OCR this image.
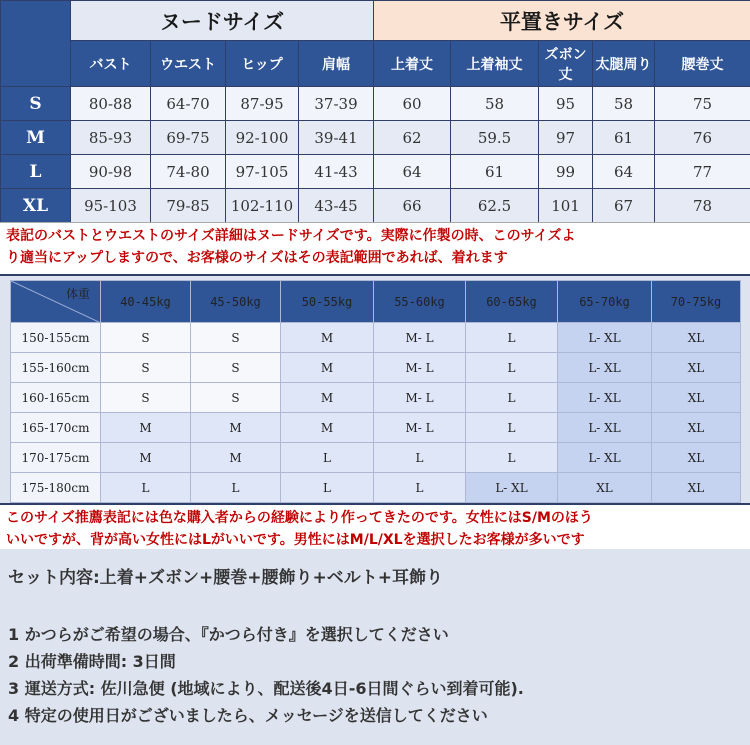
	ヌードサイズ				平置きサイズ				
	バスト	ウエスト	ヒップ	肩幅	上着丈	上着袖丈	ズボン丈	太腿周り	腰巻丈
S	80-88	64-70	87-95	37-39	60	58	95	58	75
M	85-93	69-75	92-100	39-41	62	59.5	97	61	76
L	90-98	74-80	97-105	41-43	64	61	99	64	77
XL	95-103	79-85	102-110	43-45	66	62.5	101	67	78
表記のバストとウエストのサイズ詳細はヌードサイズです。実際に作製の時、このサイズよ
り適当にアップしますので、お客様のサイズはその表記範囲であれば、着れます
体重	40-45kg	45-50kg	50-55kg	55-60kg	60-65kg	65-70kg	70-75kg
150-155cm	S	S	M	M- L	L	L- XL	XL
155-160cm	S	S	M	M- L	L	L- XL	XL
160-165cm	S	S	M	M- L	L	L- XL	XL
165-170cm	M	M	M	M- L	L	L- XL	XL
170-175cm	M	M	L	L	L	L- XL	XL
175-180cm	L	L	L	L	L- XL	XL	XL
このサイズ推薦表記には色な購入者からの経験により作ってきたのです。女性にはS/Mのほう
いいですが、背が高い女性にはLがいいです。男性にはM/L/XLを選択したお客様が多いです
セット内容:上着+ズボン+腰巻+腰飾り+ベルト+耳飾り
1 かつらがご希望の場合、『かつら付き』を選択してください
2 出荷準備時間: 3日間
3 運送方式: 佐川急便 (地域により、配送後4日-6日間ぐらい到着可能).
4 特定の使用日がございましたら、メッセージを送信してください
